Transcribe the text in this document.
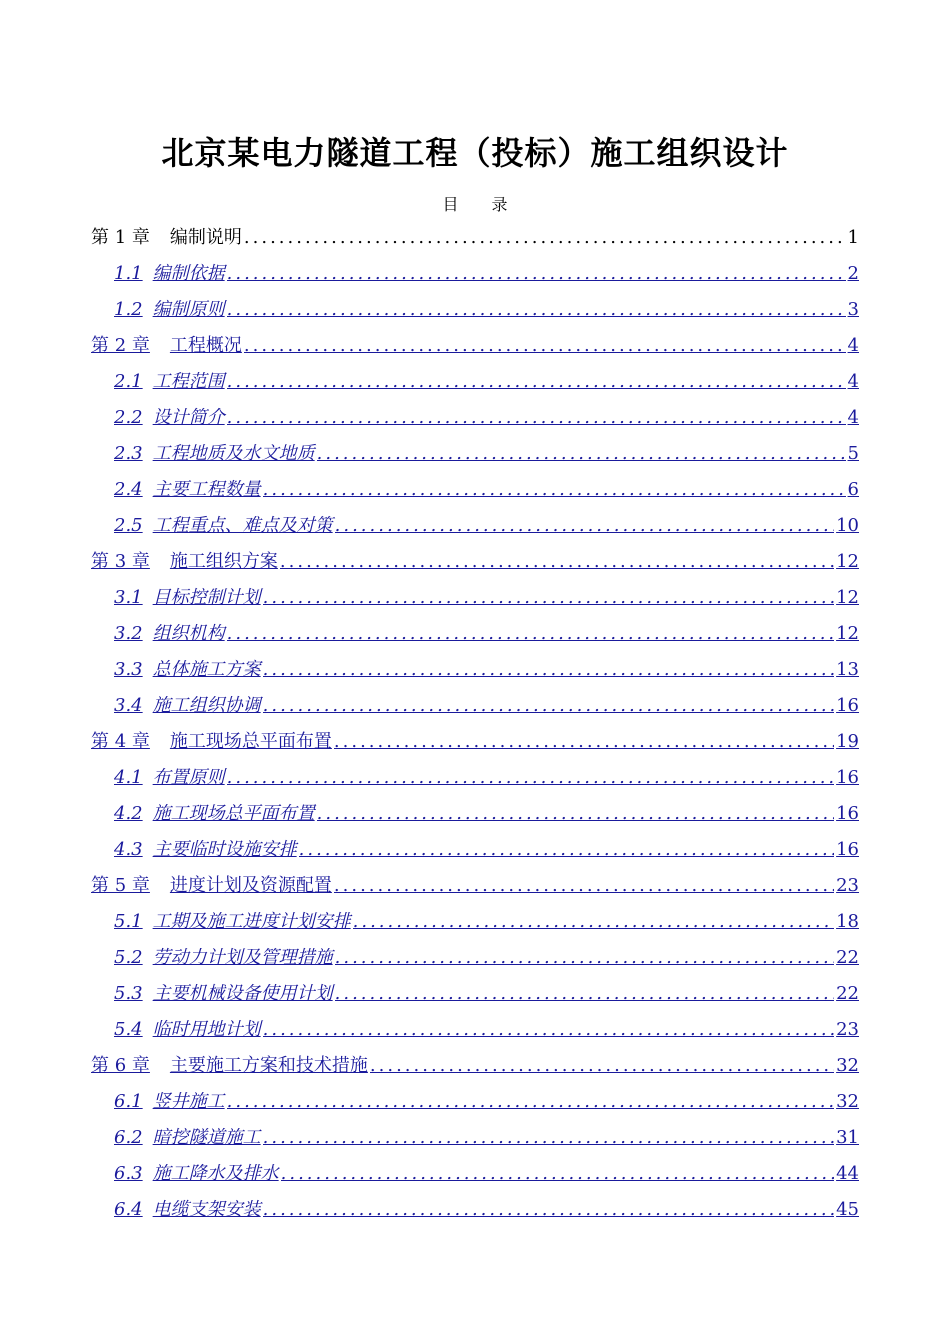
北京某电力隧道工程（投标）施工组织设计
目 录
第 1 章 编制说明 .....	1
1.1 编制依据 .....	2
1.2 编制原则 .....	3
第 2 章 工程概况 .....	4
2.1 工程范围 .....	4
2.2 设计简介 .....	4
2.3 工程地质及水文地质 .....	5
2.4 主要工程数量 .....	6
2.5 工程重点、难点及对策 .....	10
第 3 章 施工组织方案 .....	12
3.1 目标控制计划 .....	12
3.2 组织机构 .....	12
3.3 总体施工方案 .....	13
3.4 施工组织协调 .....	16
第 4 章 施工现场总平面布置 .....	19
4.1 布置原则 .....	16
4.2 施工现场总平面布置 .....	16
4.3 主要临时设施安排 .....	16
第 5 章 进度计划及资源配置 .....	23
5.1 工期及施工进度计划安排 .....	18
5.2 劳动力计划及管理措施 .....	22
5.3 主要机械设备使用计划 .....	22
5.4 临时用地计划 .....	23
第 6 章 主要施工方案和技术措施 .....	32
6.1 竖井施工 .....	32
6.2 暗挖隧道施工 .....	31
6.3 施工降水及排水 .....	44
6.4 电缆支架安装 .....	45
